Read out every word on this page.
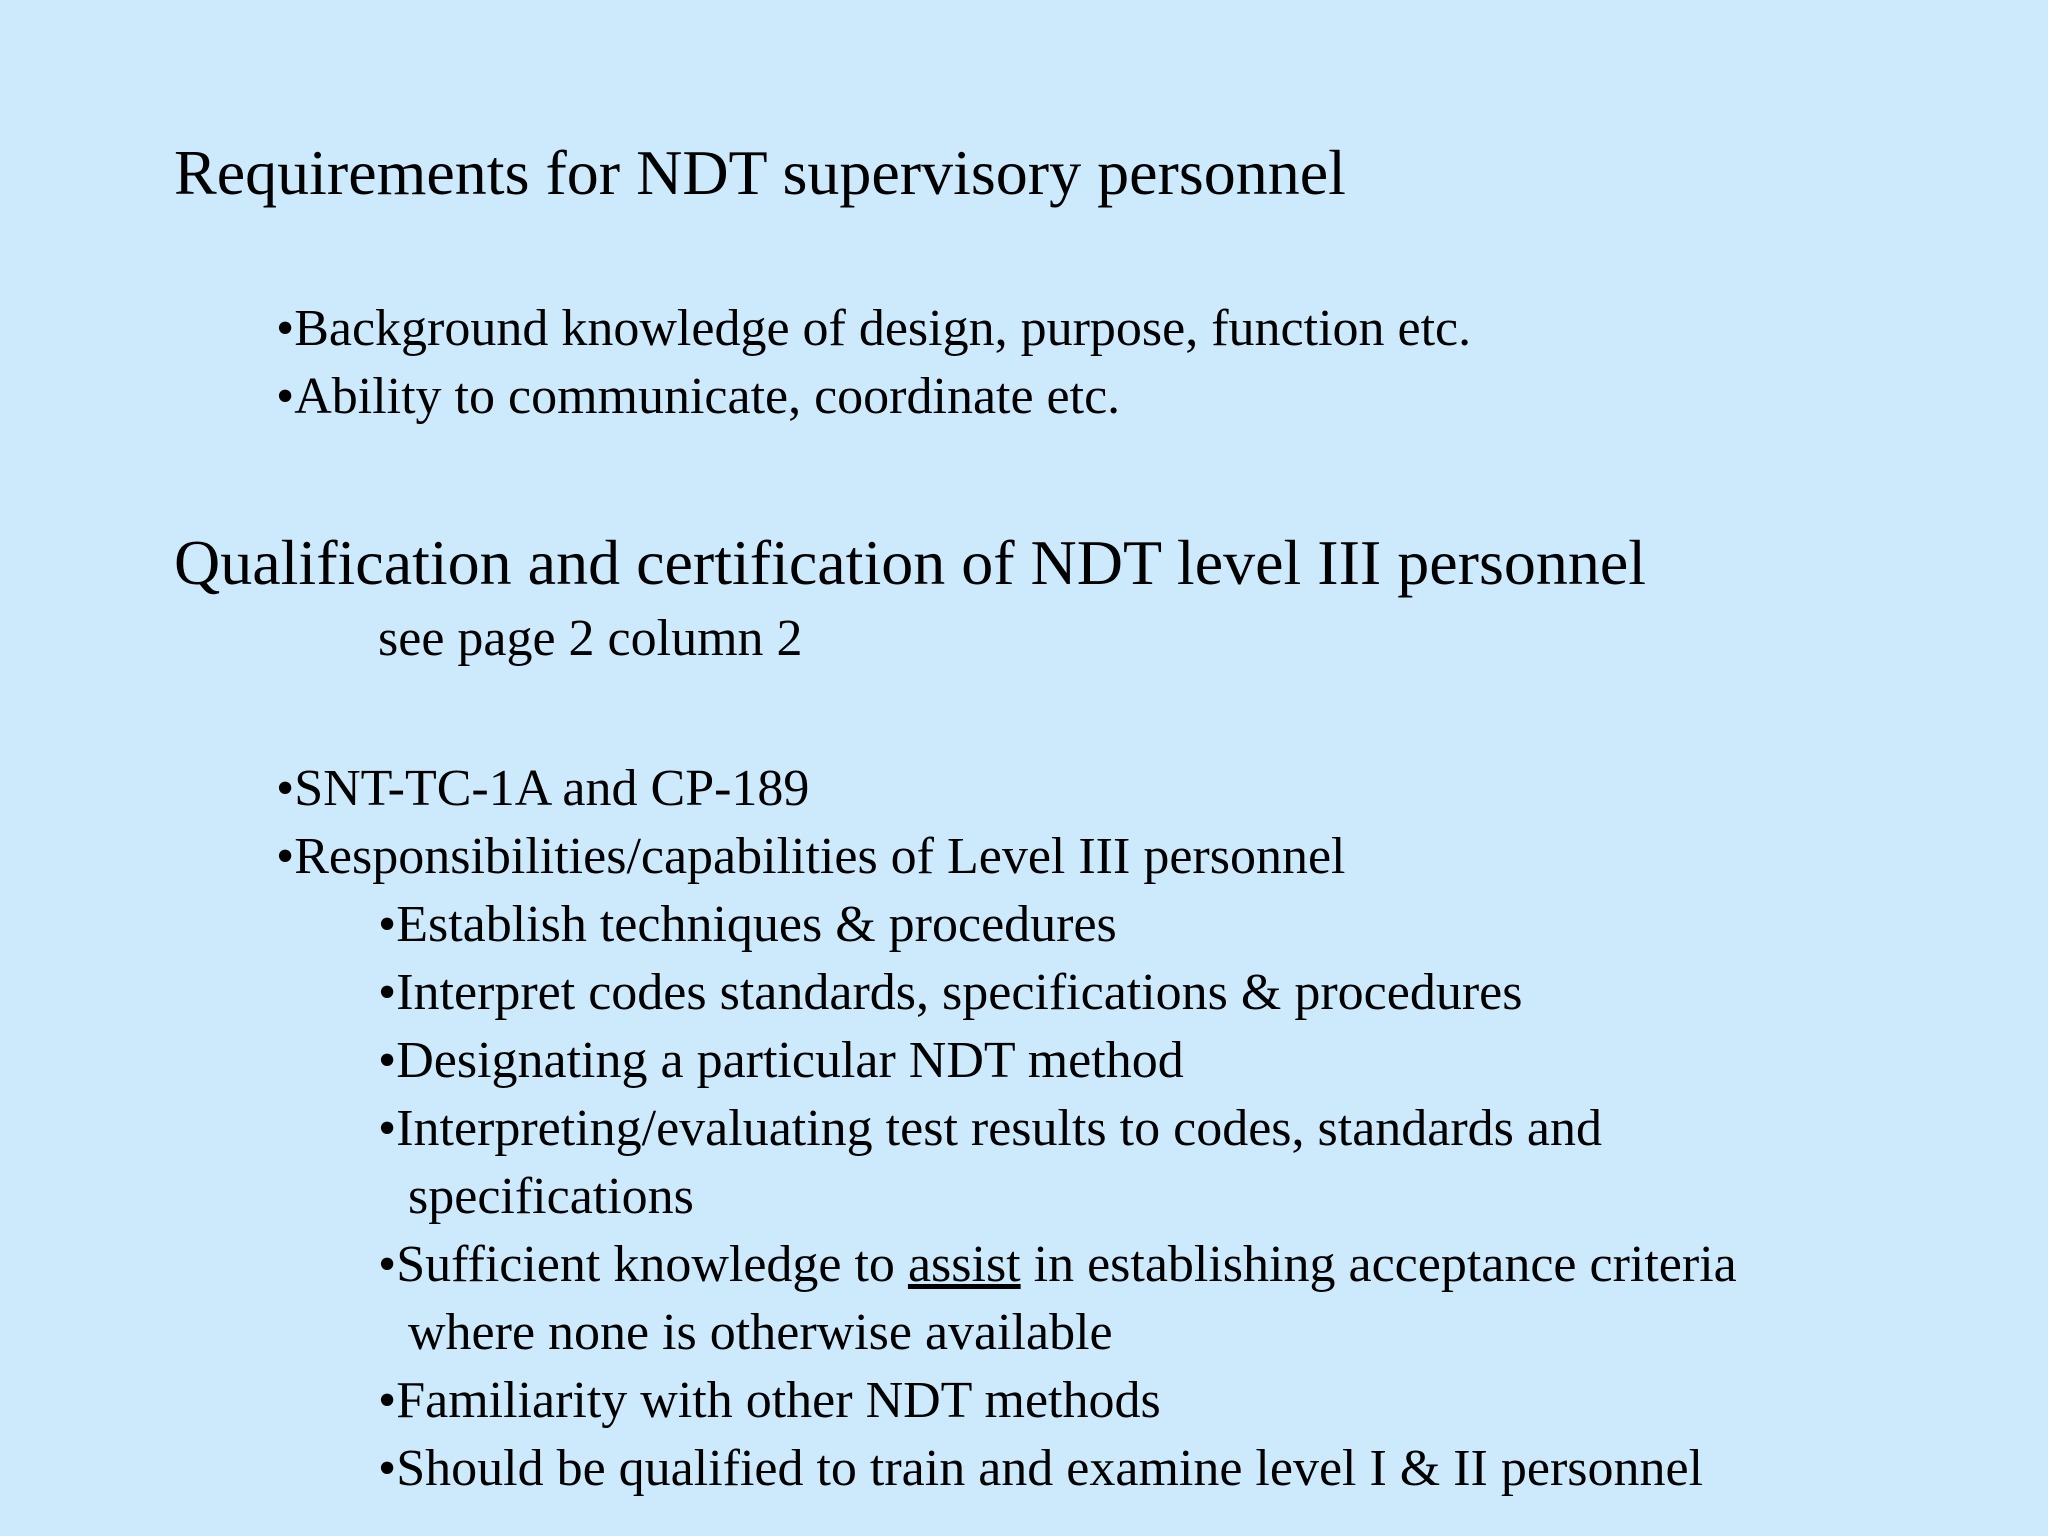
Requirements for NDT supervisory personnel
•Background knowledge of design, purpose, function etc.
•Ability to communicate, coordinate etc.
Qualification and certification of NDT level III personnel
see page 2 column 2
•SNT-TC-1A and CP-189
•Responsibilities/capabilities of Level III personnel
•Establish techniques & procedures
•Interpret codes standards, specifications & procedures
•Designating a particular NDT method
•Interpreting/evaluating test results to codes, standards and
specifications
•Sufficient knowledge to assist in establishing acceptance criteria
where none is otherwise available
•Familiarity with other NDT methods
•Should be qualified to train and examine level I & II personnel
